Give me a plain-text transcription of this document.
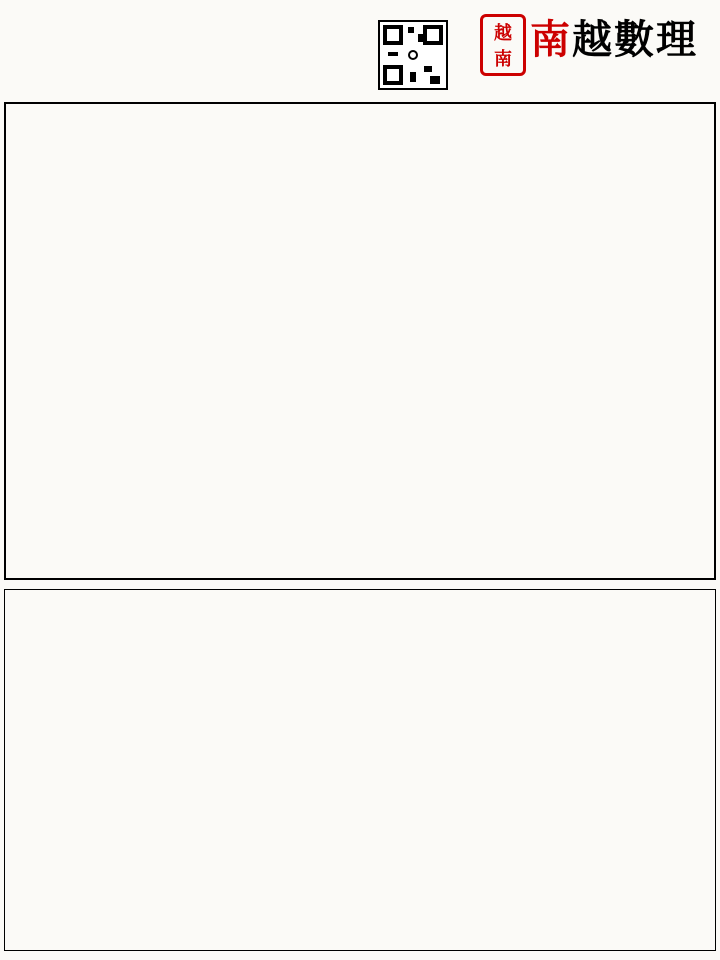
越
南 南越數理
